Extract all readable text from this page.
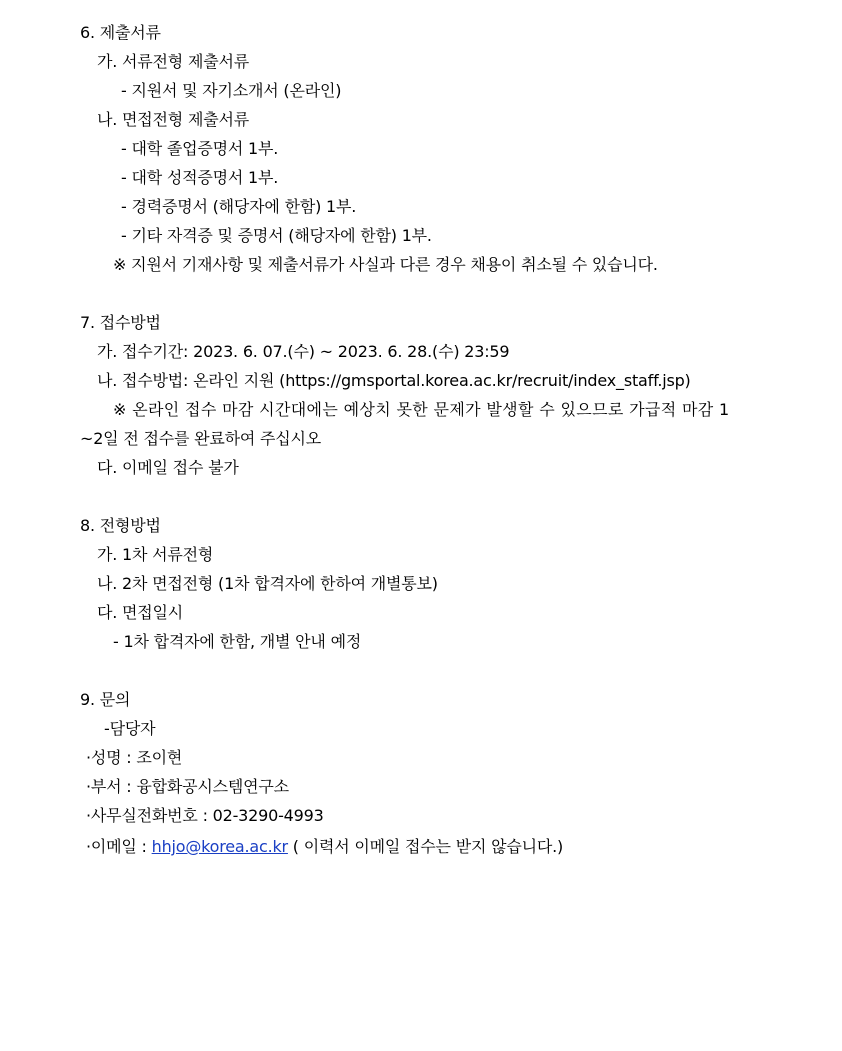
6. 제출서류
가. 서류전형 제출서류
- 지원서 및 자기소개서 (온라인)
나. 면접전형 제출서류
- 대학 졸업증명서 1부.
- 대학 성적증명서 1부.
- 경력증명서 (해당자에 한함) 1부.
- 기타 자격증 및 증명서 (해당자에 한함) 1부.
※ 지원서 기재사항 및 제출서류가 사실과 다른 경우 채용이 취소될 수 있습니다.
7. 접수방법
가. 접수기간: 2023. 6. 07.(수) ~ 2023. 6. 28.(수) 23:59
나. 접수방법: 온라인 지원 (https://gmsportal.korea.ac.kr/recruit/index_staff.jsp)
※ 온라인 접수 마감 시간대에는 예상치 못한 문제가 발생할 수 있으므로 가급적 마감 1
~2일 전 접수를 완료하여 주십시오
다. 이메일 접수 불가
8. 전형방법
가. 1차 서류전형
나. 2차 면접전형 (1차 합격자에 한하여 개별통보)
다. 면접일시
- 1차 합격자에 한함, 개별 안내 예정
9. 문의
-담당자
·성명 : 조이현
·부서 : 융합화공시스템연구소
·사무실전화번호 : 02-3290-4993
·이메일 : hhjo@korea.ac.kr ( 이력서 이메일 접수는 받지 않습니다.)
